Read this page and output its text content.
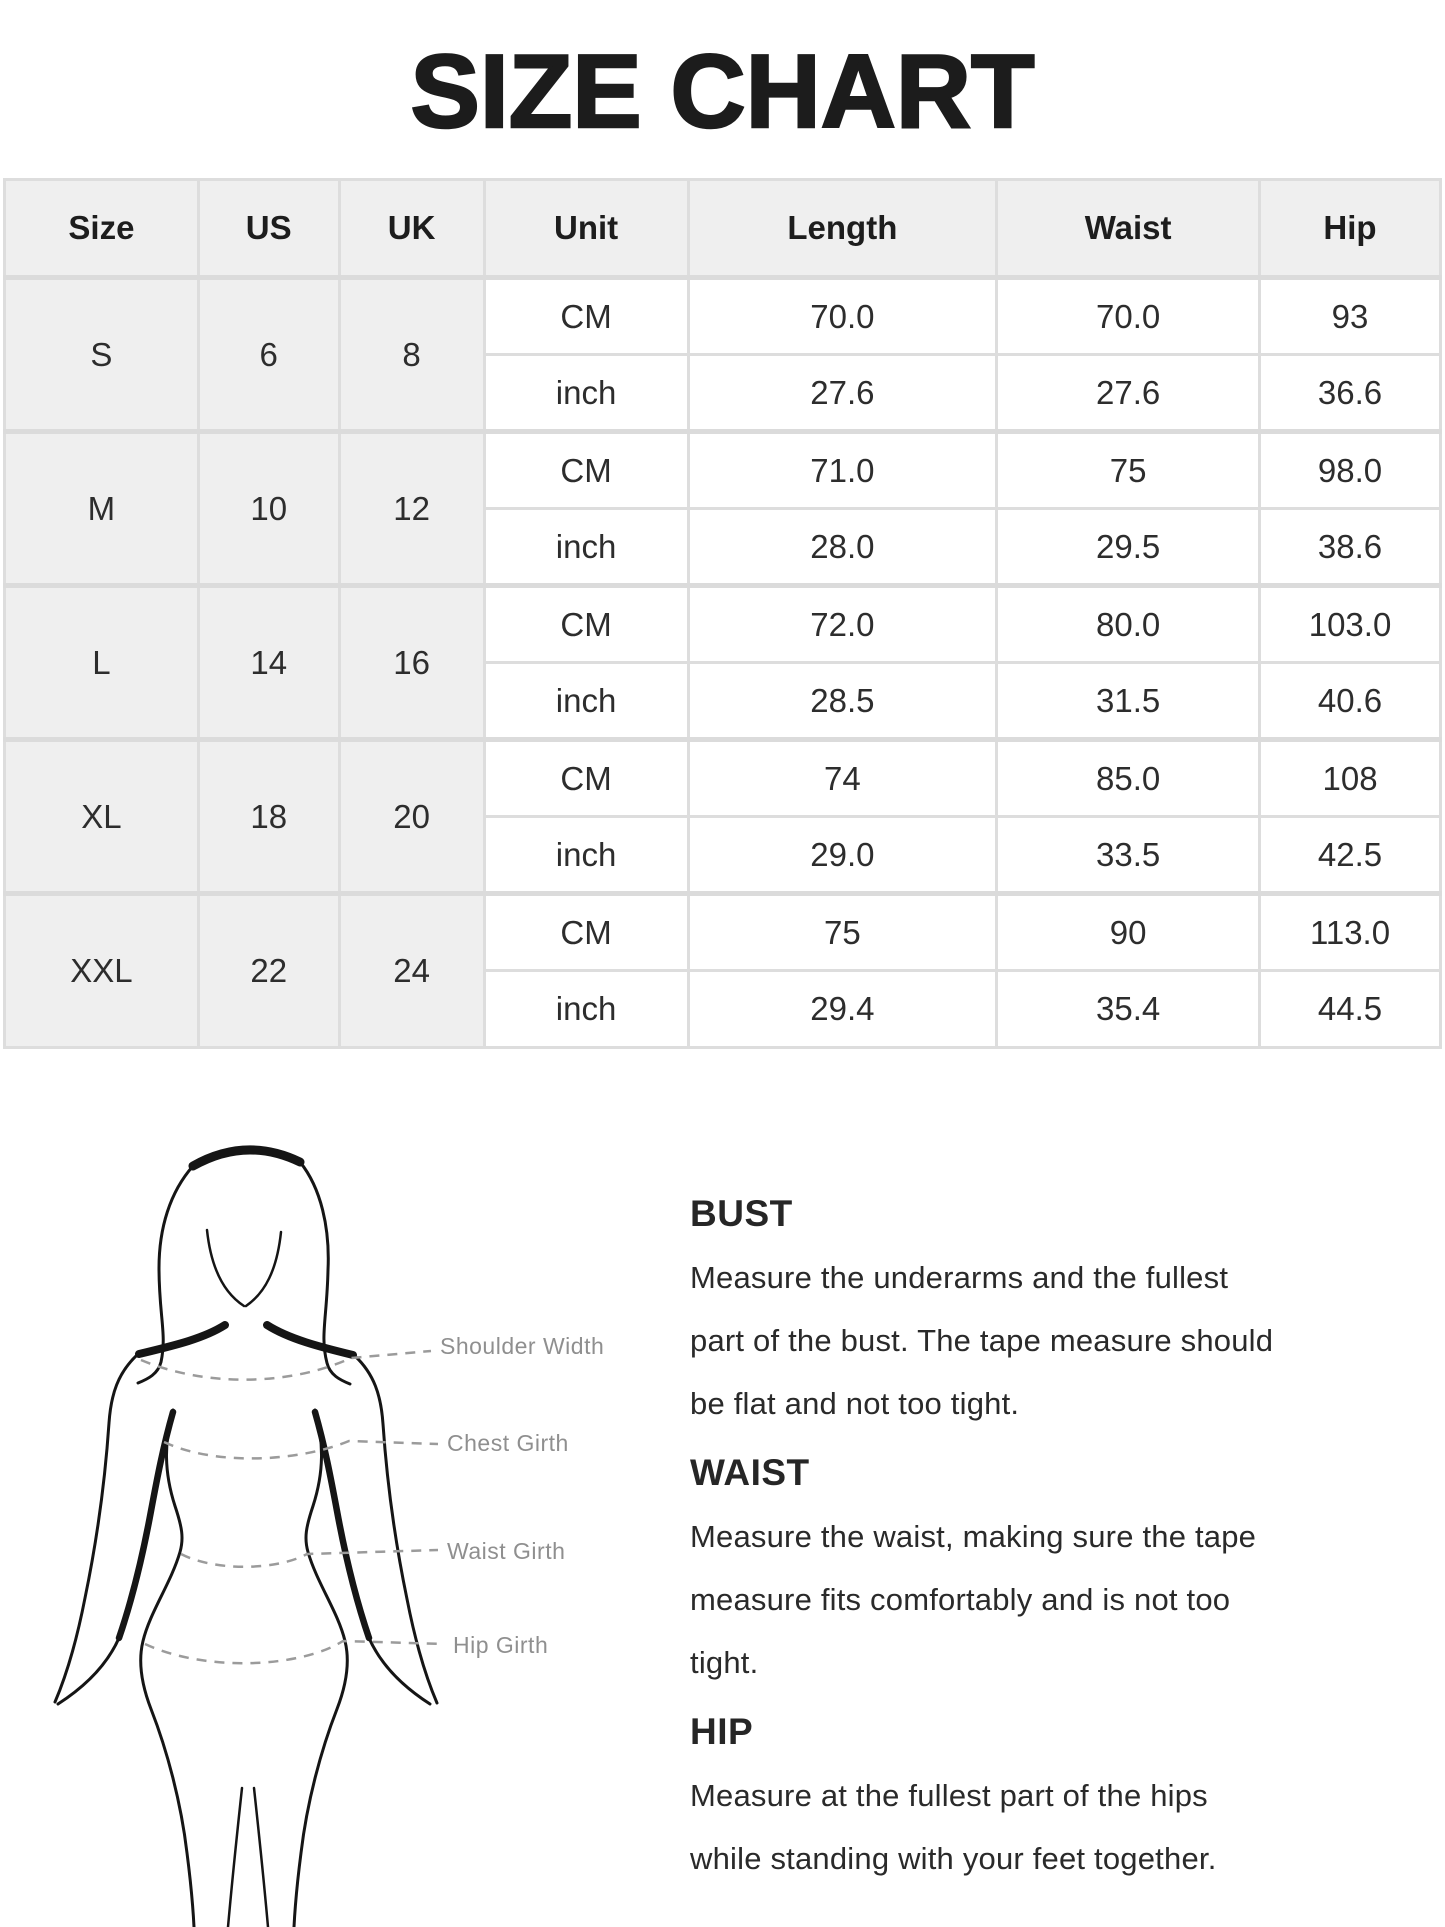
SIZE CHART
Size	US	UK	Unit	Length	Waist	Hip
S	6	8	CM	70.0	70.0	93
			inch	27.6	27.6	36.6
M	10	12	CM	71.0	75	98.0
			inch	28.0	29.5	38.6
L	14	16	CM	72.0	80.0	103.0
			inch	28.5	31.5	40.6
XL	18	20	CM	74	85.0	108
			inch	29.0	33.5	42.5
XXL	22	24	CM	75	90	113.0
			inch	29.4	35.4	44.5
Shoulder Width
Chest Girth
Waist Girth
Hip Girth
BUST
Measure the underarms and the fullest
part of the bust. The tape measure should
be flat and not too tight.
WAIST
Measure the waist, making sure the tape
measure fits comfortably and is not too
tight.
HIP
Measure at the fullest part of the hips
while standing with your feet together.
